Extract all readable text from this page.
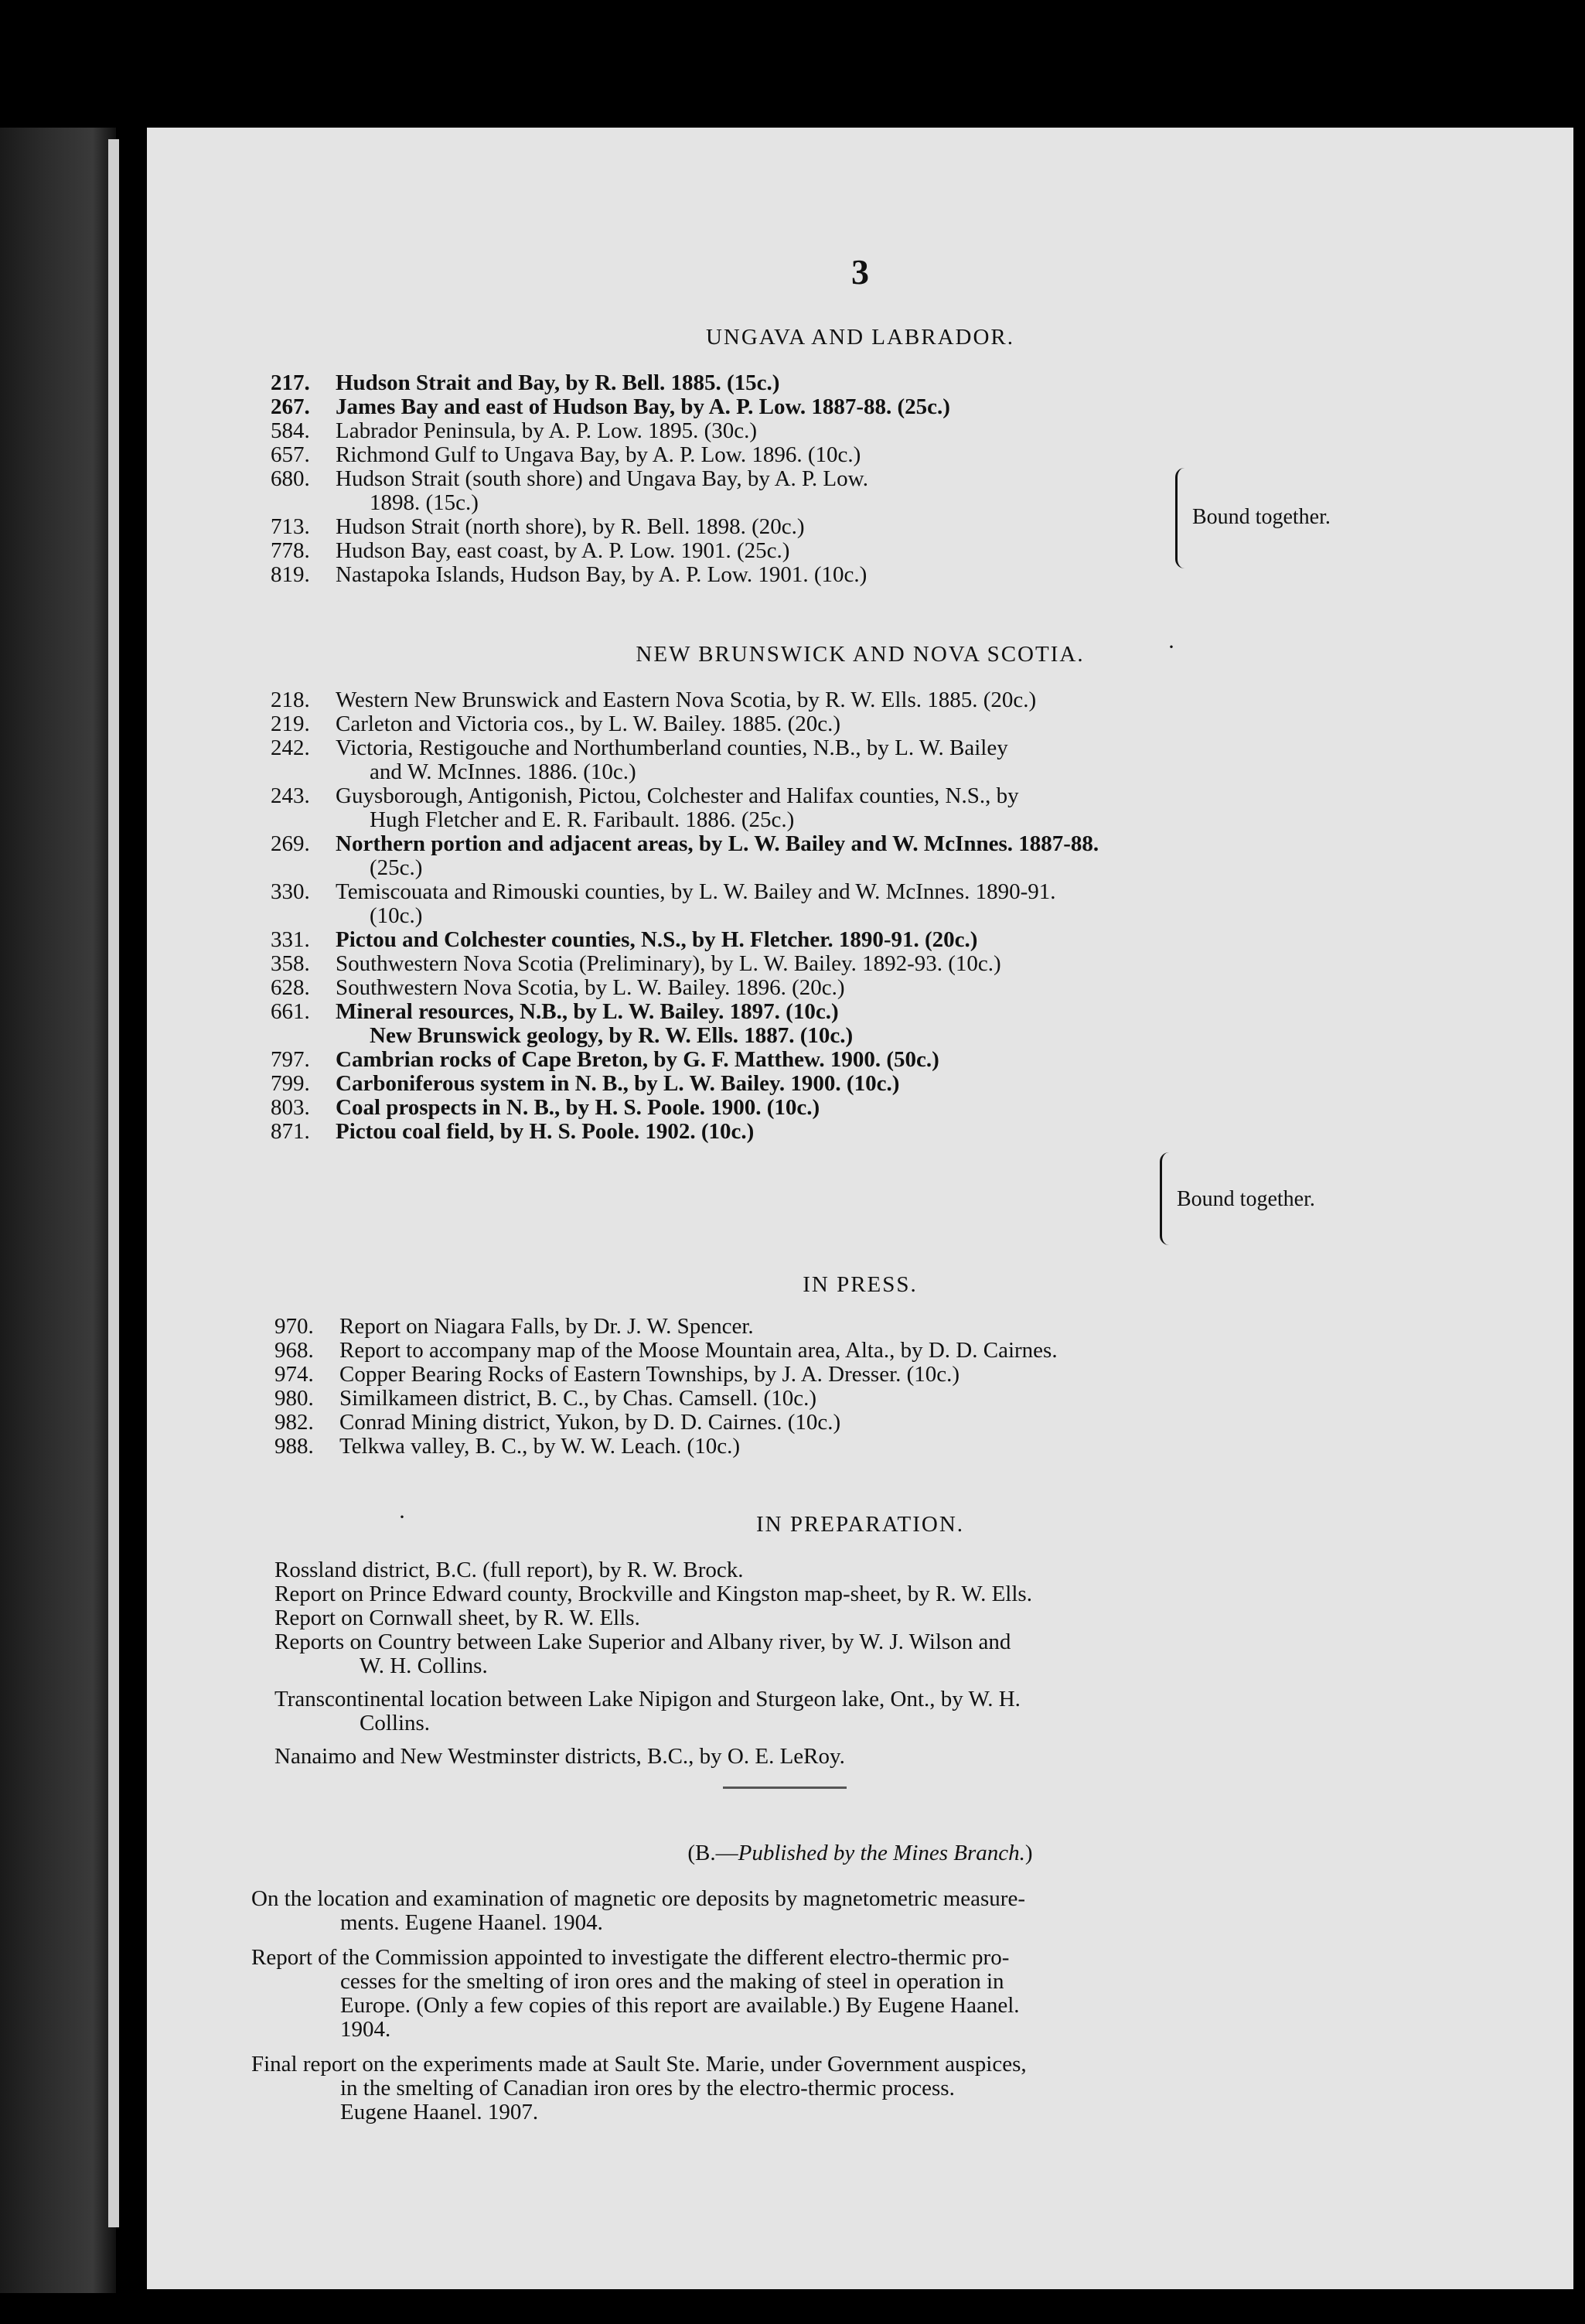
3
UNGAVA AND LABRADOR.
217. Hudson Strait and Bay, by R. Bell. 1885. (15c.)
267. James Bay and east of Hudson Bay, by A. P. Low. 1887-88. (25c.)
584. Labrador Peninsula, by A. P. Low. 1895. (30c.)
657. Richmond Gulf to Ungava Bay, by A. P. Low. 1896. (10c.)
680. Hudson Strait (south shore) and Ungava Bay, by A. P. Low.
1898. (15c.)
713. Hudson Strait (north shore), by R. Bell. 1898. (20c.)
778. Hudson Bay, east coast, by A. P. Low. 1901. (25c.)
819. Nastapoka Islands, Hudson Bay, by A. P. Low. 1901. (10c.)
Bound together.
NEW BRUNSWICK AND NOVA SCOTIA.	·
218. Western New Brunswick and Eastern Nova Scotia, by R. W. Ells. 1885. (20c.)
219. Carleton and Victoria cos., by L. W. Bailey. 1885. (20c.)
242. Victoria, Restigouche and Northumberland counties, N.B., by L. W. Bailey
and W. McInnes. 1886. (10c.)
243. Guysborough, Antigonish, Pictou, Colchester and Halifax counties, N.S., by
Hugh Fletcher and E. R. Faribault. 1886. (25c.)
269. Northern portion and adjacent areas, by L. W. Bailey and W. McInnes. 1887-88.
(25c.)
330. Temiscouata and Rimouski counties, by L. W. Bailey and W. McInnes. 1890-91.
(10c.)
331. Pictou and Colchester counties, N.S., by H. Fletcher. 1890-91. (20c.)
358. Southwestern Nova Scotia (Preliminary), by L. W. Bailey. 1892-93. (10c.)
628. Southwestern Nova Scotia, by L. W. Bailey. 1896. (20c.)
661. Mineral resources, N.B., by L. W. Bailey. 1897. (10c.)
New Brunswick geology, by R. W. Ells. 1887. (10c.)
797. Cambrian rocks of Cape Breton, by G. F. Matthew. 1900. (50c.)
799. Carboniferous system in N. B., by L. W. Bailey. 1900. (10c.)
803. Coal prospects in N. B., by H. S. Poole. 1900. (10c.)
871. Pictou coal field, by H. S. Poole. 1902. (10c.)
Bound together.
IN PRESS.
970. Report on Niagara Falls, by Dr. J. W. Spencer.
968. Report to accompany map of the Moose Mountain area, Alta., by D. D. Cairnes.
974. Copper Bearing Rocks of Eastern Townships, by J. A. Dresser. (10c.)
980. Similkameen district, B. C., by Chas. Camsell. (10c.)
982. Conrad Mining district, Yukon, by D. D. Cairnes. (10c.)
988. Telkwa valley, B. C., by W. W. Leach. (10c.)
·	IN PREPARATION.
Rossland district, B.C. (full report), by R. W. Brock.
Report on Prince Edward county, Brockville and Kingston map-sheet, by R. W. Ells.
Report on Cornwall sheet, by R. W. Ells.
Reports on Country between Lake Superior and Albany river, by W. J. Wilson and
W. H. Collins.
Transcontinental location between Lake Nipigon and Sturgeon lake, Ont., by W. H.
Collins.
Nanaimo and New Westminster districts, B.C., by O. E. LeRoy.
(B.—Published by the Mines Branch.)
On the location and examination of magnetic ore deposits by magnetometric measure-
ments. Eugene Haanel. 1904.
Report of the Commission appointed to investigate the different electro-thermic pro-
cesses for the smelting of iron ores and the making of steel in operation in
Europe. (Only a few copies of this report are available.) By Eugene Haanel.
1904.
Final report on the experiments made at Sault Ste. Marie, under Government auspices,
in the smelting of Canadian iron ores by the electro-thermic process.
Eugene Haanel. 1907.
